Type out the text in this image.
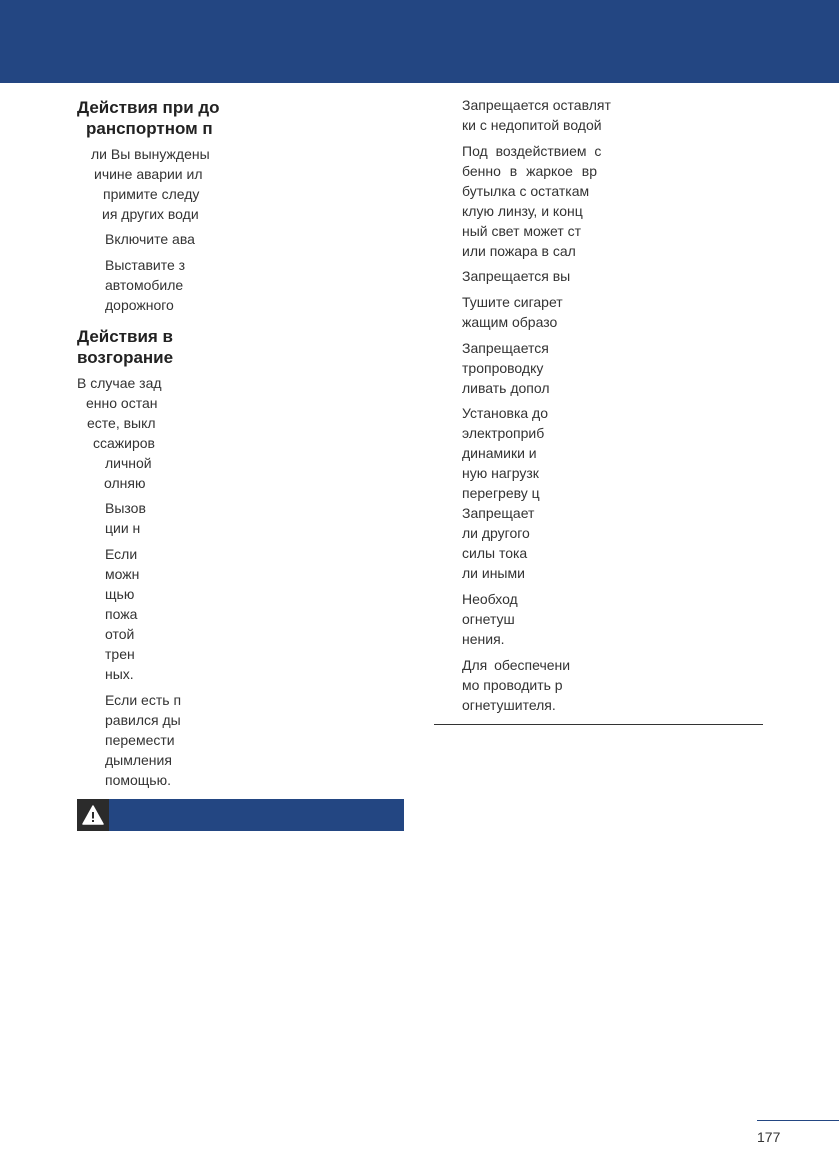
Действия при до
ранспортном п
ли Вы вынуждены
ичине аварии ил
примите следу
ия других води
Включите ава
Выставите з
автомобиле
дорожного
Действия в
возгорание
В случае зад
енно остан
есте, выкл
ссажиров
личной
олняю
Вызов
ции н
Если
можн
щью
пожа
отой
трен
ных.
Если есть п
равился ды
перемести
дымления
помощью.
Запрещается оставлят
ки с недопитой водой
Под воздействием с
бенно в жаркое вр
бутылка с остаткам
клую линзу, и конц
ный свет может ст
или пожара в сал
Запрещается вы
Тушите сигарет
жащим образо
Запрещается
тропроводку
ливать допол
Установка до
электроприб
динамики и
ную нагрузк
перегреву ц
Запрещает
ли другого
силы тока
ли иными
Необход
огнетуш
нения.
Для обеспечени
мо проводить р
огнетушителя.
177
